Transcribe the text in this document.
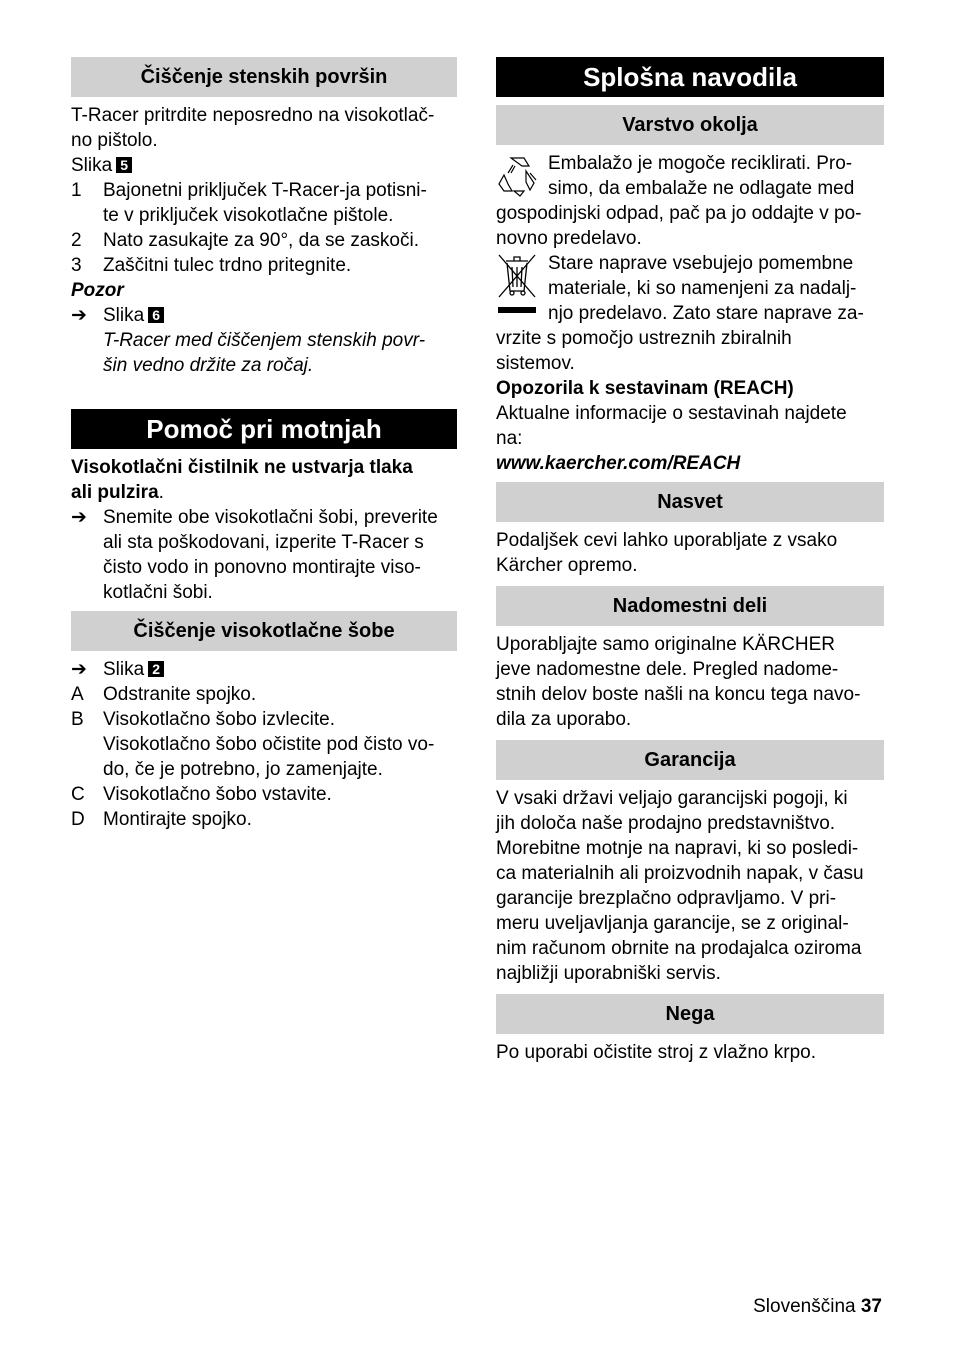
Čiščenje stenskih površin
T-Racer pritrdite neposredno na visokotlač-
no pištolo.
Slika 5
1	Bajonetni priključek T-Racer-ja potisni-
te v priključek visokotlačne pištole.
2	Nato zasukajte za 90°, da se zaskoči.
3	Zaščitni tulec trdno pritegnite.
Pozor
➔ Slika 6
T-Racer med čiščenjem stenskih povr-
šin vedno držite za ročaj.
Pomoč pri motnjah
Visokotlačni čistilnik ne ustvarja tlaka
ali pulzira.
➔ Snemite obe visokotlačni šobi, preverite
ali sta poškodovani, izperite T-Racer s
čisto vodo in ponovno montirajte viso-
kotlačni šobi.
Čiščenje visokotlačne šobe
➔ Slika 2
A	Odstranite spojko.
B	Visokotlačno šobo izvlecite.
Visokotlačno šobo očistite pod čisto vo-
do, če je potrebno, jo zamenjajte.
C Visokotlačno šobo vstavite.
D Montirajte spojko.
Splošna navodila
Varstvo okolja
Embalažo je mogoče reciklirati. Pro-
simo, da embalaže ne odlagate med
gospodinjski odpad, pač pa jo oddajte v po-
novno predelavo.
Stare naprave vsebujejo pomembne
materiale, ki so namenjeni za nadalj-
njo predelavo. Zato stare naprave za-
vrzite s pomočjo ustreznih zbiralnih
sistemov.
Opozorila k sestavinam (REACH)
Aktualne informacije o sestavinah najdete
na:
www.kaercher.com/REACH
Nasvet
Podaljšek cevi lahko uporabljate z vsako
Kärcher opremo.
Nadomestni deli
Uporabljajte samo originalne KÄRCHER
jeve nadomestne dele. Pregled nadome-
stnih delov boste našli na koncu tega navo-
dila za uporabo.
Garancija
V vsaki državi veljajo garancijski pogoji, ki
jih določa naše prodajno predstavništvo.
Morebitne motnje na napravi, ki so posledi-
ca materialnih ali proizvodnih napak, v času
garancije brezplačno odpravljamo. V pri-
meru uveljavljanja garancije, se z original-
nim računom obrnite na prodajalca oziroma
najbližji uporabniški servis.
Nega
Po uporabi očistite stroj z vlažno krpo.
Slovenščina 37
